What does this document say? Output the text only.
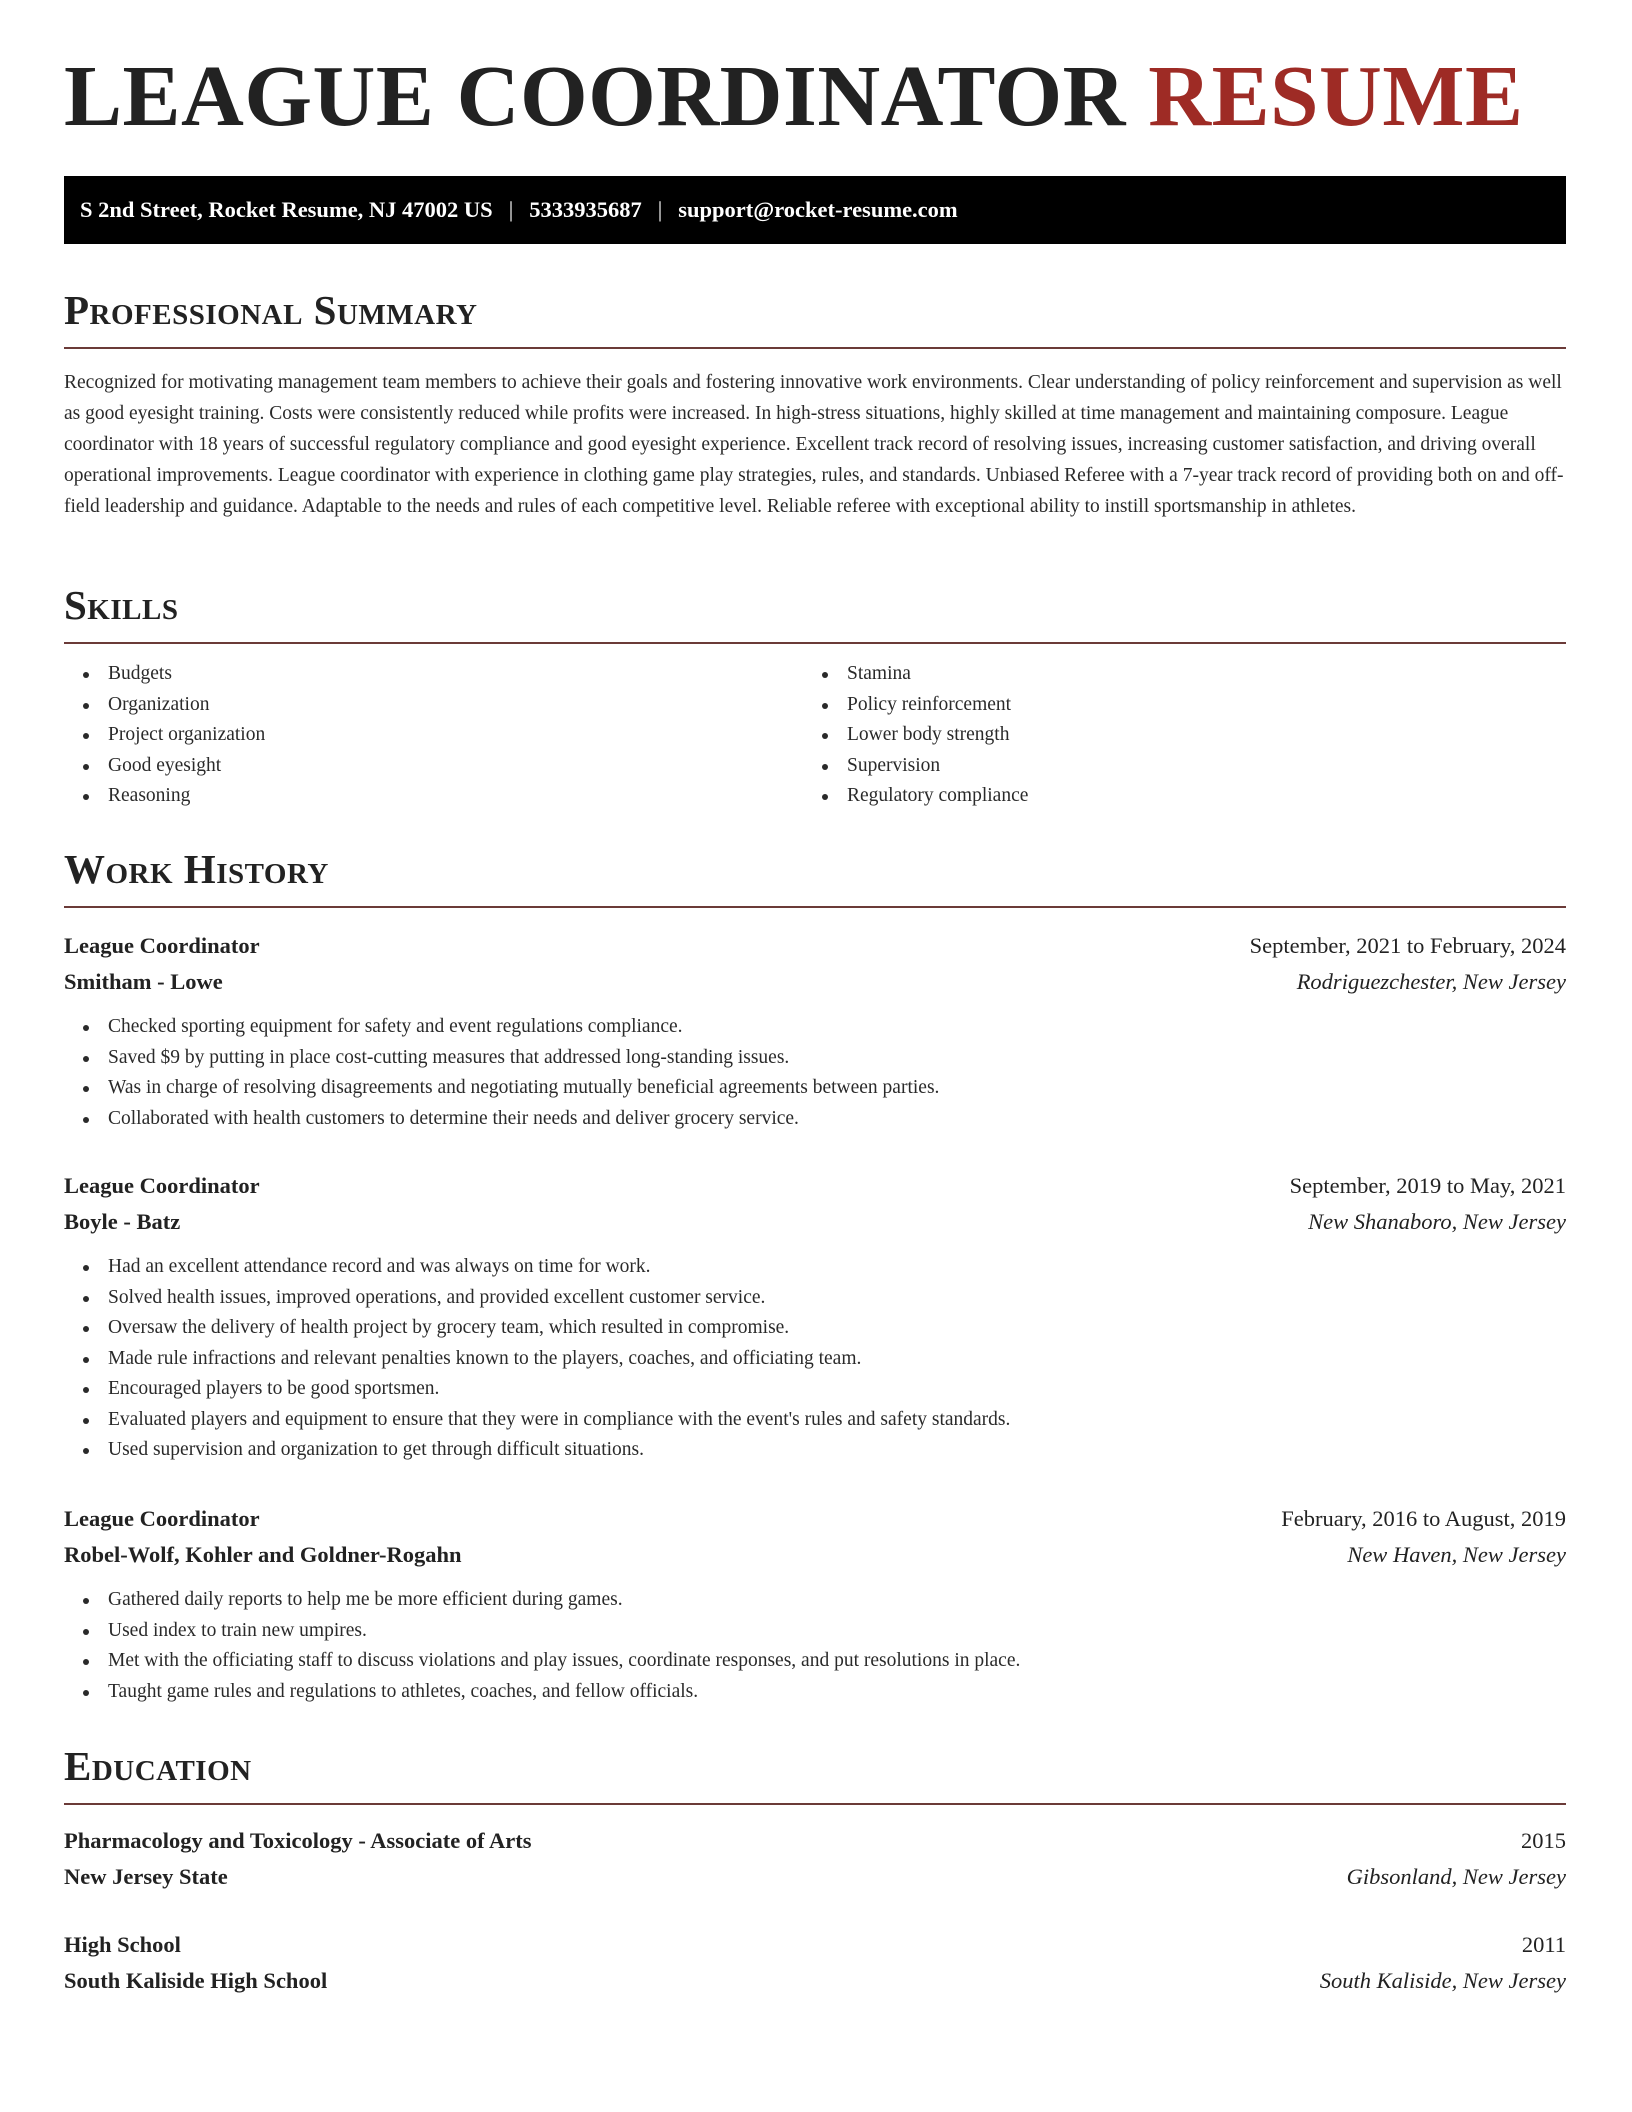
LEAGUE COORDINATOR RESUME
S 2nd Street, Rocket Resume, NJ 47002 US | 5333935687 | support@rocket-resume.com
Professional Summary

Recognized for motivating management team members to achieve their goals and fostering innovative work environments. Clear understanding of policy reinforcement and supervision as well as good eyesight training. Costs were consistently reduced while profits were increased. In high-stress situations, highly skilled at time management and maintaining composure. League coordinator with 18 years of successful regulatory compliance and good eyesight experience. Excellent track record of resolving issues, increasing customer satisfaction, and driving overall operational improvements. League coordinator with experience in clothing game play strategies, rules, and standards. Unbiased Referee with a 7-year track record of providing both on and off-field leadership and guidance. Adaptable to the needs and rules of each competitive level. Reliable referee with exceptional ability to instill sportsmanship in athletes.

Skills
Budgets
Organization
Project organization
Good eyesight
Reasoning
Stamina
Policy reinforcement
Lower body strength
Supervision
Regulatory compliance
Work History
League Coordinator	September, 2021 to February, 2024
Smitham - Lowe	Rodriguezchester, New Jersey
Checked sporting equipment for safety and event regulations compliance.
Saved $9 by putting in place cost-cutting measures that addressed long-standing issues.
Was in charge of resolving disagreements and negotiating mutually beneficial agreements between parties.
Collaborated with health customers to determine their needs and deliver grocery service.
League Coordinator	September, 2019 to May, 2021
Boyle - Batz	New Shanaboro, New Jersey
Had an excellent attendance record and was always on time for work.
Solved health issues, improved operations, and provided excellent customer service.
Oversaw the delivery of health project by grocery team, which resulted in compromise.
Made rule infractions and relevant penalties known to the players, coaches, and officiating team.
Encouraged players to be good sportsmen.
Evaluated players and equipment to ensure that they were in compliance with the event's rules and safety standards.
Used supervision and organization to get through difficult situations.
League Coordinator	February, 2016 to August, 2019
Robel-Wolf, Kohler and Goldner-Rogahn	New Haven, New Jersey
Gathered daily reports to help me be more efficient during games.
Used index to train new umpires.
Met with the officiating staff to discuss violations and play issues, coordinate responses, and put resolutions in place.
Taught game rules and regulations to athletes, coaches, and fellow officials.
Education
Pharmacology and Toxicology - Associate of Arts	2015
New Jersey State	Gibsonland, New Jersey
High School	2011
South Kaliside High School	South Kaliside, New Jersey
